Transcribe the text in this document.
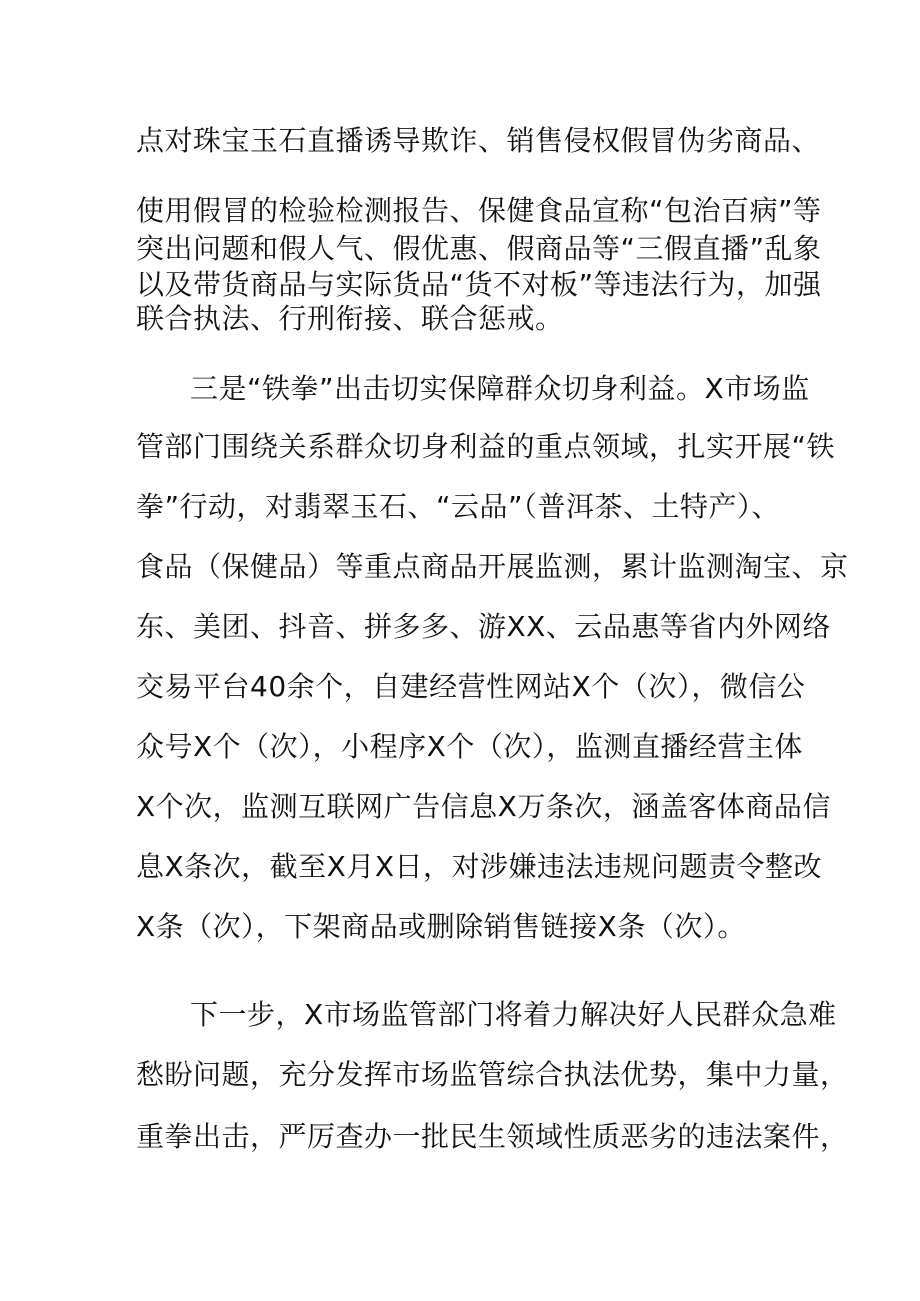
点对珠宝玉石直播诱导欺诈、销售侵权假冒伪劣商品、
使用假冒的检验检测报告、保健食品宣称“包治百病”等
突出问题和假人气、假优惠、假商品等“三假直播”乱象
以及带货商品与实际货品“货不对板”等违法行为，加强
联合执法、行刑衔接、联合惩戒。
三是“铁拳”出击切实保障群众切身利益。X市场监
管部门围绕关系群众切身利益的重点领域，扎实开展“铁
拳”行动，对翡翠玉石、“云品”（普洱茶、土特产）、
食品（保健品）等重点商品开展监测，累计监测淘宝、京
东、美团、抖音、拼多多、游XX、云品惠等省内外网络
交易平台40余个，自建经营性网站X个（次），微信公
众号X个（次），小程序X个（次），监测直播经营主体
X个次，监测互联网广告信息X万条次，涵盖客体商品信
息X条次，截至X月X日，对涉嫌违法违规问题责令整改
X条（次），下架商品或删除销售链接X条（次）。
下一步，X市场监管部门将着力解决好人民群众急难
愁盼问题，充分发挥市场监管综合执法优势，集中力量，
重拳出击，严厉查办一批民生领域性质恶劣的违法案件，
